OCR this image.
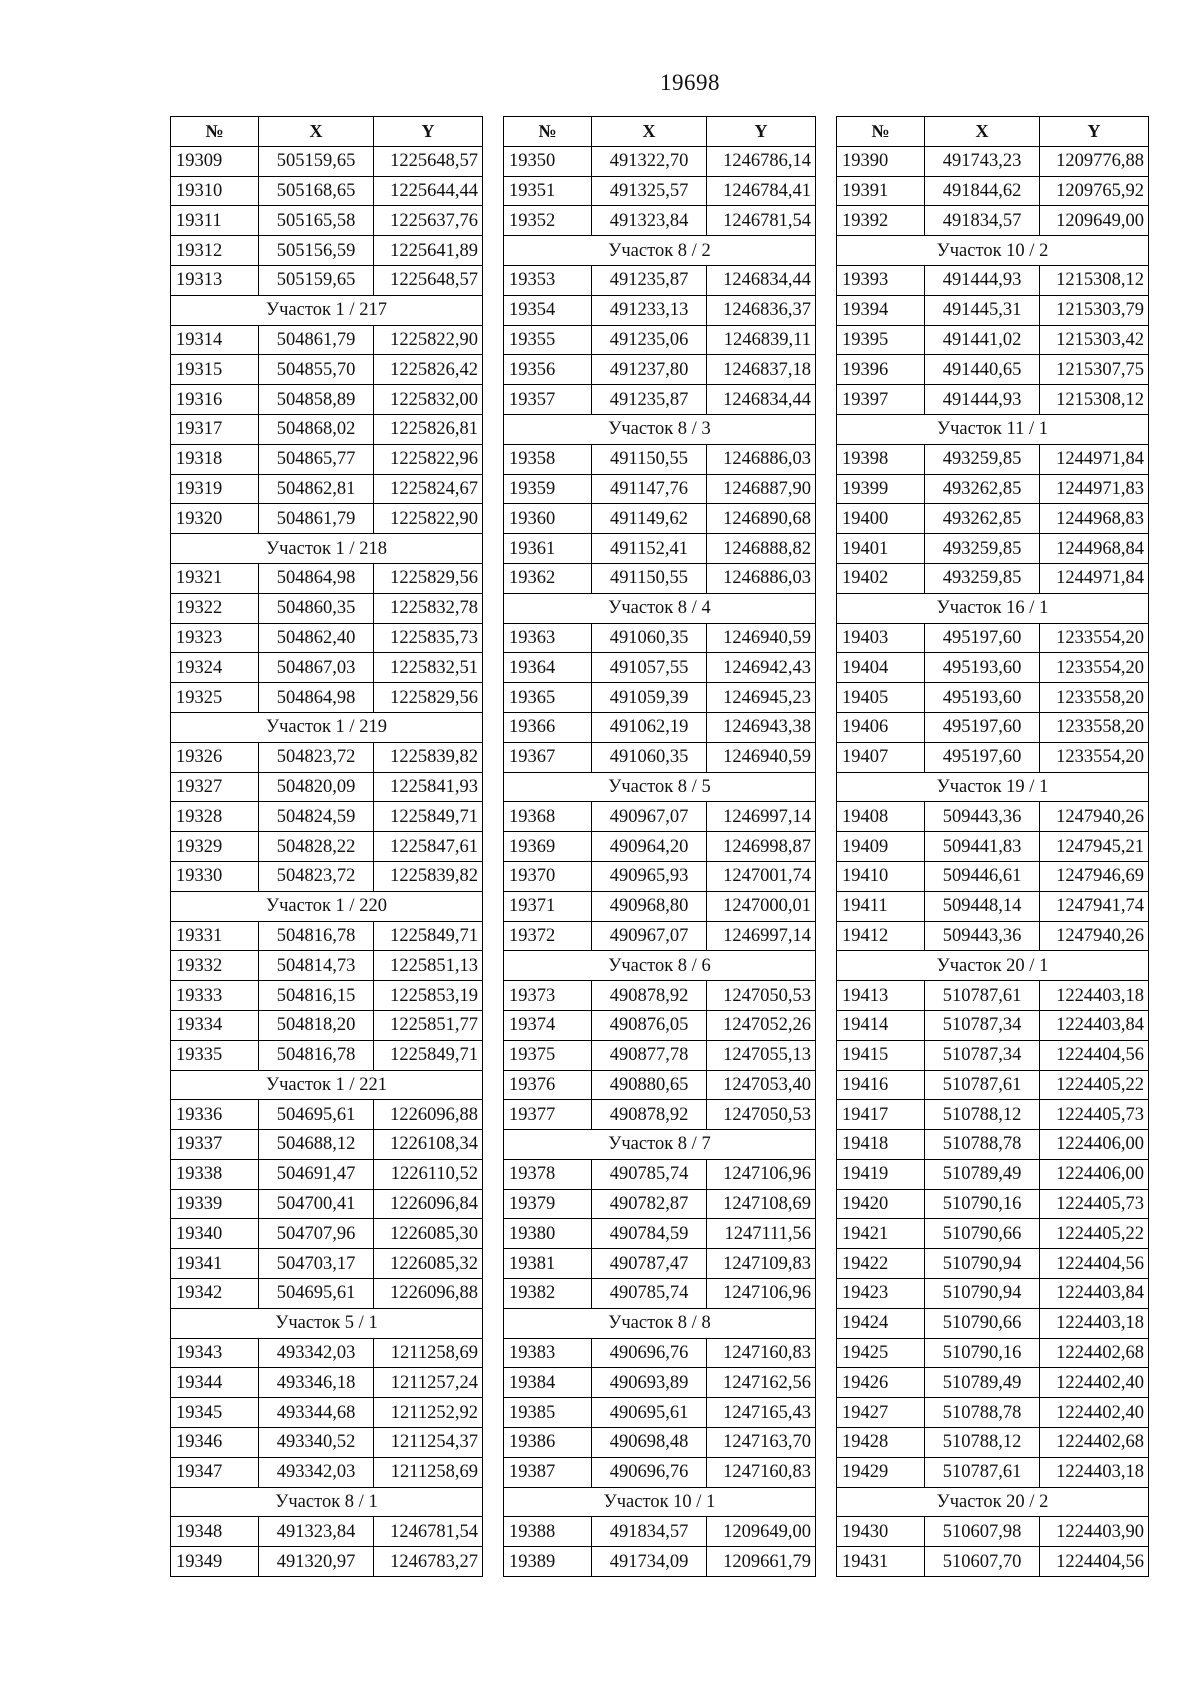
19698
№	X	Y
19309	505159,65	1225648,57
19310	505168,65	1225644,44
19311	505165,58	1225637,76
19312	505156,59	1225641,89
19313	505159,65	1225648,57
Участок 1 / 217		
19314	504861,79	1225822,90
19315	504855,70	1225826,42
19316	504858,89	1225832,00
19317	504868,02	1225826,81
19318	504865,77	1225822,96
19319	504862,81	1225824,67
19320	504861,79	1225822,90
Участок 1 / 218		
19321	504864,98	1225829,56
19322	504860,35	1225832,78
19323	504862,40	1225835,73
19324	504867,03	1225832,51
19325	504864,98	1225829,56
Участок 1 / 219		
19326	504823,72	1225839,82
19327	504820,09	1225841,93
19328	504824,59	1225849,71
19329	504828,22	1225847,61
19330	504823,72	1225839,82
Участок 1 / 220		
19331	504816,78	1225849,71
19332	504814,73	1225851,13
19333	504816,15	1225853,19
19334	504818,20	1225851,77
19335	504816,78	1225849,71
Участок 1 / 221		
19336	504695,61	1226096,88
19337	504688,12	1226108,34
19338	504691,47	1226110,52
19339	504700,41	1226096,84
19340	504707,96	1226085,30
19341	504703,17	1226085,32
19342	504695,61	1226096,88
Участок 5 / 1		
19343	493342,03	1211258,69
19344	493346,18	1211257,24
19345	493344,68	1211252,92
19346	493340,52	1211254,37
19347	493342,03	1211258,69
Участок 8 / 1		
19348	491323,84	1246781,54
19349	491320,97	1246783,27
№	X	Y
19350	491322,70	1246786,14
19351	491325,57	1246784,41
19352	491323,84	1246781,54
Участок 8 / 2		
19353	491235,87	1246834,44
19354	491233,13	1246836,37
19355	491235,06	1246839,11
19356	491237,80	1246837,18
19357	491235,87	1246834,44
Участок 8 / 3		
19358	491150,55	1246886,03
19359	491147,76	1246887,90
19360	491149,62	1246890,68
19361	491152,41	1246888,82
19362	491150,55	1246886,03
Участок 8 / 4		
19363	491060,35	1246940,59
19364	491057,55	1246942,43
19365	491059,39	1246945,23
19366	491062,19	1246943,38
19367	491060,35	1246940,59
Участок 8 / 5		
19368	490967,07	1246997,14
19369	490964,20	1246998,87
19370	490965,93	1247001,74
19371	490968,80	1247000,01
19372	490967,07	1246997,14
Участок 8 / 6		
19373	490878,92	1247050,53
19374	490876,05	1247052,26
19375	490877,78	1247055,13
19376	490880,65	1247053,40
19377	490878,92	1247050,53
Участок 8 / 7		
19378	490785,74	1247106,96
19379	490782,87	1247108,69
19380	490784,59	1247111,56
19381	490787,47	1247109,83
19382	490785,74	1247106,96
Участок 8 / 8		
19383	490696,76	1247160,83
19384	490693,89	1247162,56
19385	490695,61	1247165,43
19386	490698,48	1247163,70
19387	490696,76	1247160,83
Участок 10 / 1		
19388	491834,57	1209649,00
19389	491734,09	1209661,79
№	X	Y
19390	491743,23	1209776,88
19391	491844,62	1209765,92
19392	491834,57	1209649,00
Участок 10 / 2		
19393	491444,93	1215308,12
19394	491445,31	1215303,79
19395	491441,02	1215303,42
19396	491440,65	1215307,75
19397	491444,93	1215308,12
Участок 11 / 1		
19398	493259,85	1244971,84
19399	493262,85	1244971,83
19400	493262,85	1244968,83
19401	493259,85	1244968,84
19402	493259,85	1244971,84
Участок 16 / 1		
19403	495197,60	1233554,20
19404	495193,60	1233554,20
19405	495193,60	1233558,20
19406	495197,60	1233558,20
19407	495197,60	1233554,20
Участок 19 / 1		
19408	509443,36	1247940,26
19409	509441,83	1247945,21
19410	509446,61	1247946,69
19411	509448,14	1247941,74
19412	509443,36	1247940,26
Участок 20 / 1		
19413	510787,61	1224403,18
19414	510787,34	1224403,84
19415	510787,34	1224404,56
19416	510787,61	1224405,22
19417	510788,12	1224405,73
19418	510788,78	1224406,00
19419	510789,49	1224406,00
19420	510790,16	1224405,73
19421	510790,66	1224405,22
19422	510790,94	1224404,56
19423	510790,94	1224403,84
19424	510790,66	1224403,18
19425	510790,16	1224402,68
19426	510789,49	1224402,40
19427	510788,78	1224402,40
19428	510788,12	1224402,68
19429	510787,61	1224403,18
Участок 20 / 2		
19430	510607,98	1224403,90
19431	510607,70	1224404,56
